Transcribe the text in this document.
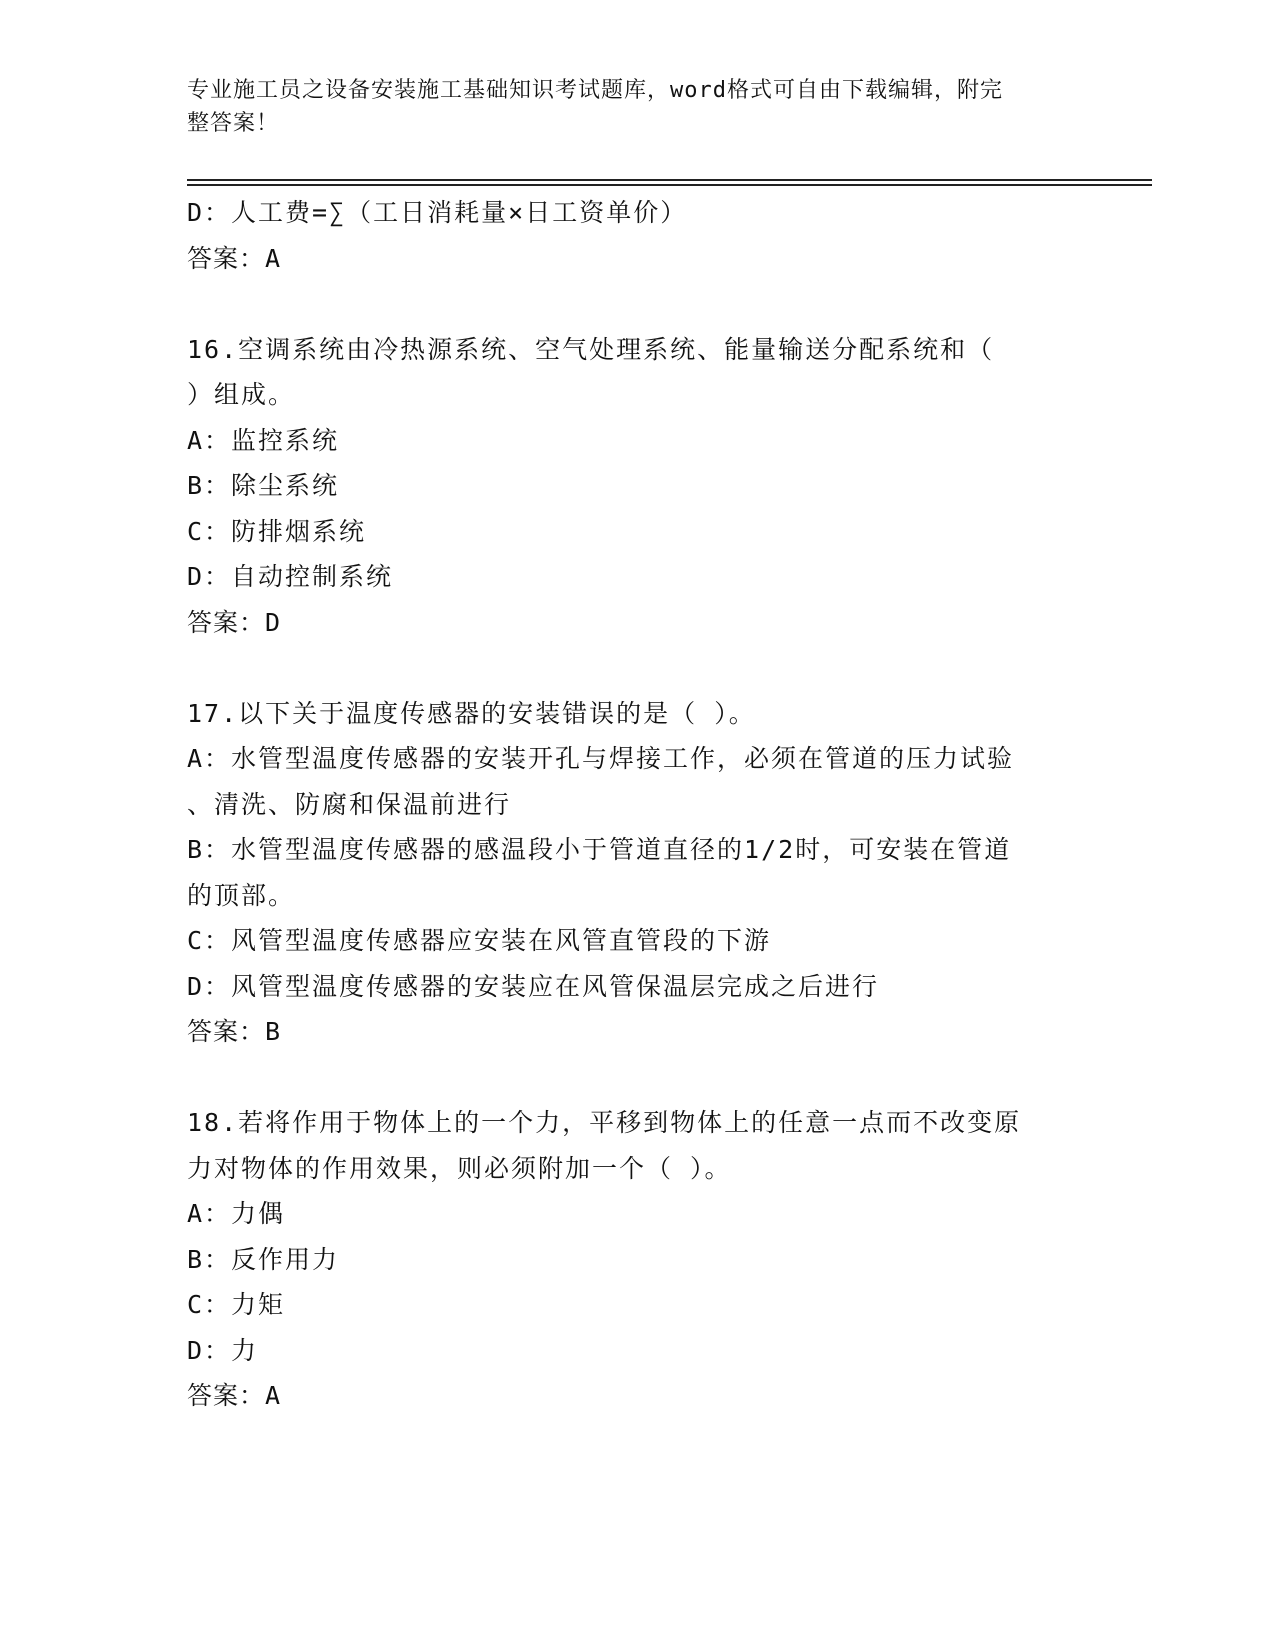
专业施工员之设备安装施工基础知识考试题库，word格式可自由下载编辑，附完
整答案！
D：人工费=∑（工日消耗量×日工资单价）
答案：A
16.空调系统由冷热源系统、空气处理系统、能量输送分配系统和（
）组成。
A：监控系统
B：除尘系统
C：防排烟系统
D：自动控制系统
答案：D
17.以下关于温度传感器的安装错误的是（ ）。
A：水管型温度传感器的安装开孔与焊接工作，必须在管道的压力试验
、清洗、防腐和保温前进行
B：水管型温度传感器的感温段小于管道直径的1/2时，可安装在管道
的顶部。
C：风管型温度传感器应安装在风管直管段的下游
D：风管型温度传感器的安装应在风管保温层完成之后进行
答案：B
18.若将作用于物体上的一个力，平移到物体上的任意一点而不改变原
力对物体的作用效果，则必须附加一个（ ）。
A：力偶
B：反作用力
C：力矩
D：力
答案：A
